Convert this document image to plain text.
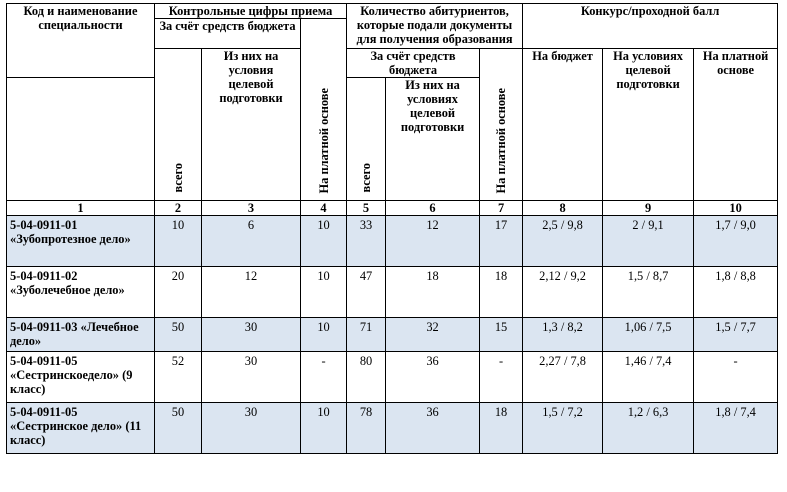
Код и наименование специальности	Контрольные цифры приема			Количество абитуриентов, которые подали документы для получения образования			Конкурс/проходной балл		
	За счёт средств бюджета		На платной основе						
	всего	Из них на условия целевой подготовки		За счёт средств бюджета		На платной основе	На бюджет	На условиях целевой подготовки	На платной основе
				всего	Из них на условиях целевой подготовки				
1	2	3	4	5	6	7	8	9	10
5-04-0911-01 «Зубопротезное дело»	10	6	10	33	12	17	2,5 / 9,8	2 / 9,1	1,7 / 9,0
5-04-0911-02 «Зуболечебное дело»	20	12	10	47	18	18	2,12 / 9,2	1,5 / 8,7	1,8 / 8,8
5-04-0911-03 «Лечебное дело»	50	30	10	71	32	15	1,3 / 8,2	1,06 / 7,5	1,5 / 7,7
5-04-0911-05 «Сестринскоедело» (9 класс)	52	30	-	80	36	-	2,27 / 7,8	1,46 / 7,4	-
5-04-0911-05 «Сестринское дело» (11 класс)	50	30	10	78	36	18	1,5 / 7,2	1,2 / 6,3	1,8 / 7,4
